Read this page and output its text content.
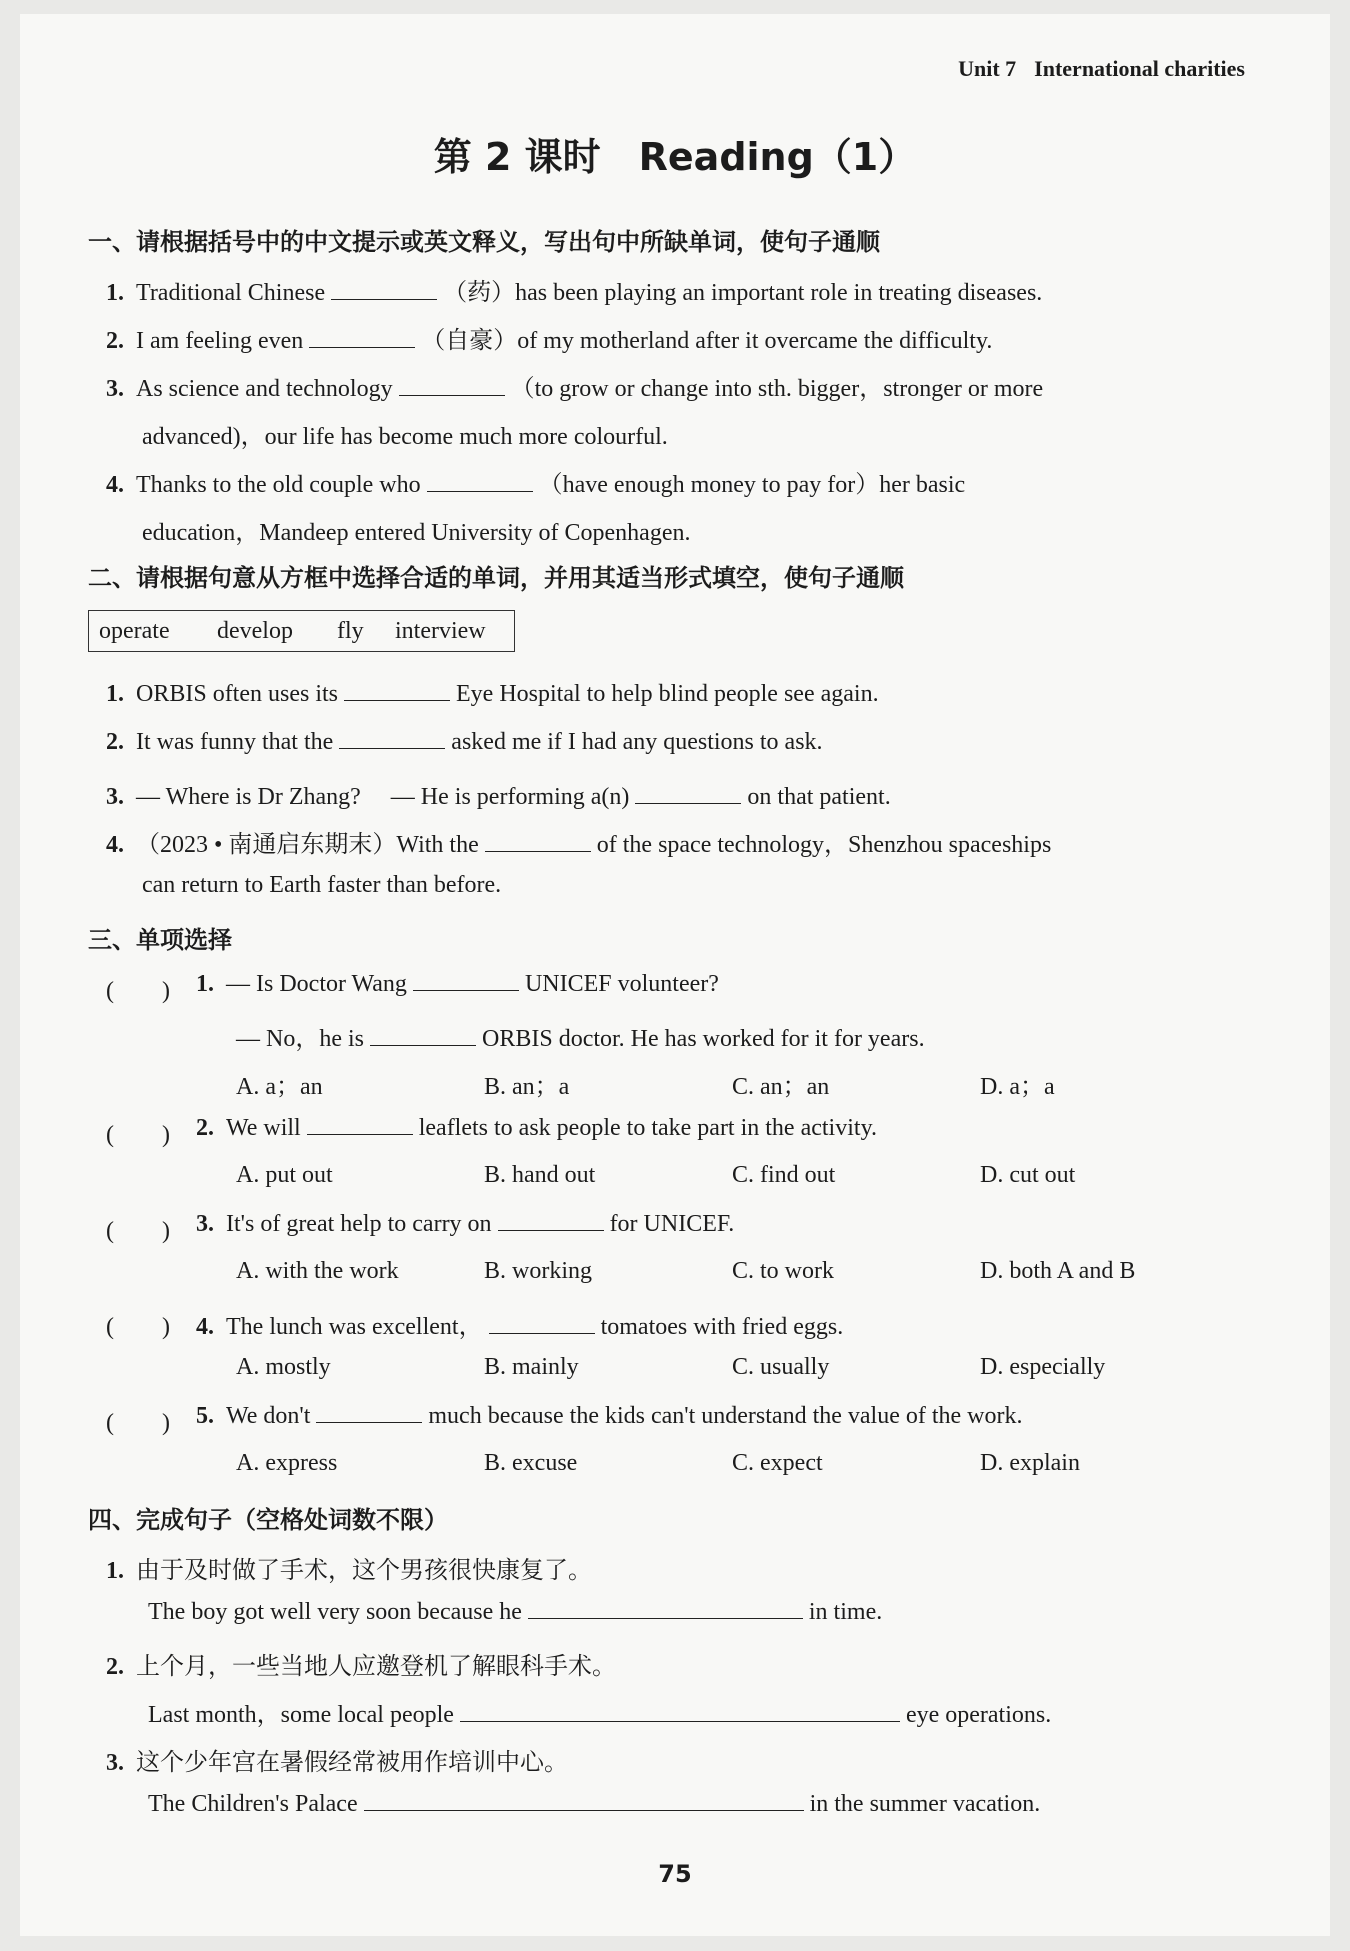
Unit 7 International charities
第 2 课时　Reading（1）
一、请根据括号中的中文提示或英文释义，写出句中所缺单词，使句子通顺
1. Traditional Chinese	（药）has been playing an important role in treating diseases.
2. I am feeling even	（自豪）of my motherland after it overcame the difficulty.
3. As science and technology	（to grow or change into sth. bigger，stronger or more
advanced)，our life has become much more colourful.
4. Thanks to the old couple who	（have enough money to pay for）her basic
education，Mandeep entered University of Copenhagen.
二、请根据句意从方框中选择合适的单词，并用其适当形式填空，使句子通顺
operate develop fly interview
1. ORBIS often uses its	Eye Hospital to help blind people see again.
2. It was funny that the	asked me if I had any questions to ask.
3. — Where is Dr Zhang?　 — He is performing a(n)	on that patient.
4. （2023 • 南通启东期末）With the	of the space technology，Shenzhou spaceships
can return to Earth faster than before.
三、单项选择
(　　) 1. — Is Doctor Wang	UNICEF volunteer?
— No，he is	ORBIS doctor. He has worked for it for years.
A. a；an	B. an；a	C. an；an	D. a；a
(　　) 2. We will	leaflets to ask people to take part in the activity.
A. put out	B. hand out	C. find out	D. cut out
(　　) 3. It's of great help to carry on	for UNICEF.
A. with the work	B. working	C. to work	D. both A and B
(　　) 4. The lunch was excellent，	tomatoes with fried eggs.
A. mostly	B. mainly	C. usually	D. especially
(　　) 5. We don't	much because the kids can't understand the value of the work.
A. express	B. excuse	C. expect	D. explain
四、完成句子（空格处词数不限）
1. 由于及时做了手术，这个男孩很快康复了。
The boy got well very soon because he	in time.
2. 上个月，一些当地人应邀登机了解眼科手术。
Last month，some local people	eye operations.
3. 这个少年宫在暑假经常被用作培训中心。
The Children's Palace	in the summer vacation.
75
